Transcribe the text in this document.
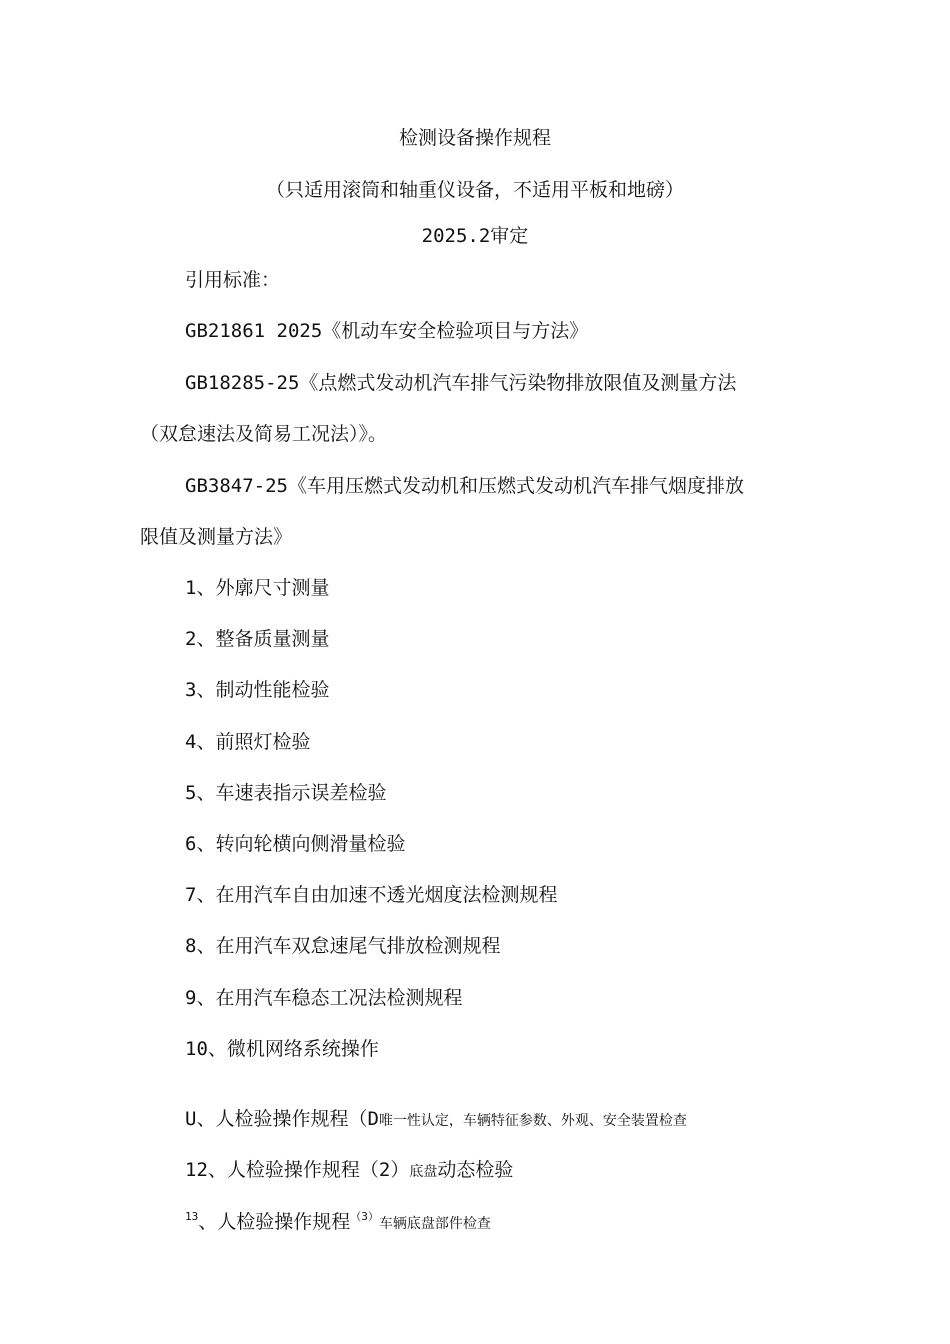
检测设备操作规程
（只适用滚筒和轴重仪设备，不适用平板和地磅）
2025.2审定
引用标准：
GB21861 2025《机动车安全检验项目与方法》
GB18285-25《点燃式发动机汽车排气污染物排放限值及测量方法
（双怠速法及简易工况法）》。
GB3847-25《车用压燃式发动机和压燃式发动机汽车排气烟度排放
限值及测量方法》
1、外廓尺寸测量
2、整备质量测量
3、制动性能检验
4、前照灯检验
5、车速表指示误差检验
6、转向轮横向侧滑量检验
7、在用汽车自由加速不透光烟度法检测规程
8、在用汽车双怠速尾气排放检测规程
9、在用汽车稳态工况法检测规程
10、微机网络系统操作
U、人检验操作规程（D唯一性认定，车辆特征参数、外观、安全装置检查
12、人检验操作规程（2）底盘动态检验
$^{13}$、人检验操作规程$^{(3)}$车辆底盘部件检查
